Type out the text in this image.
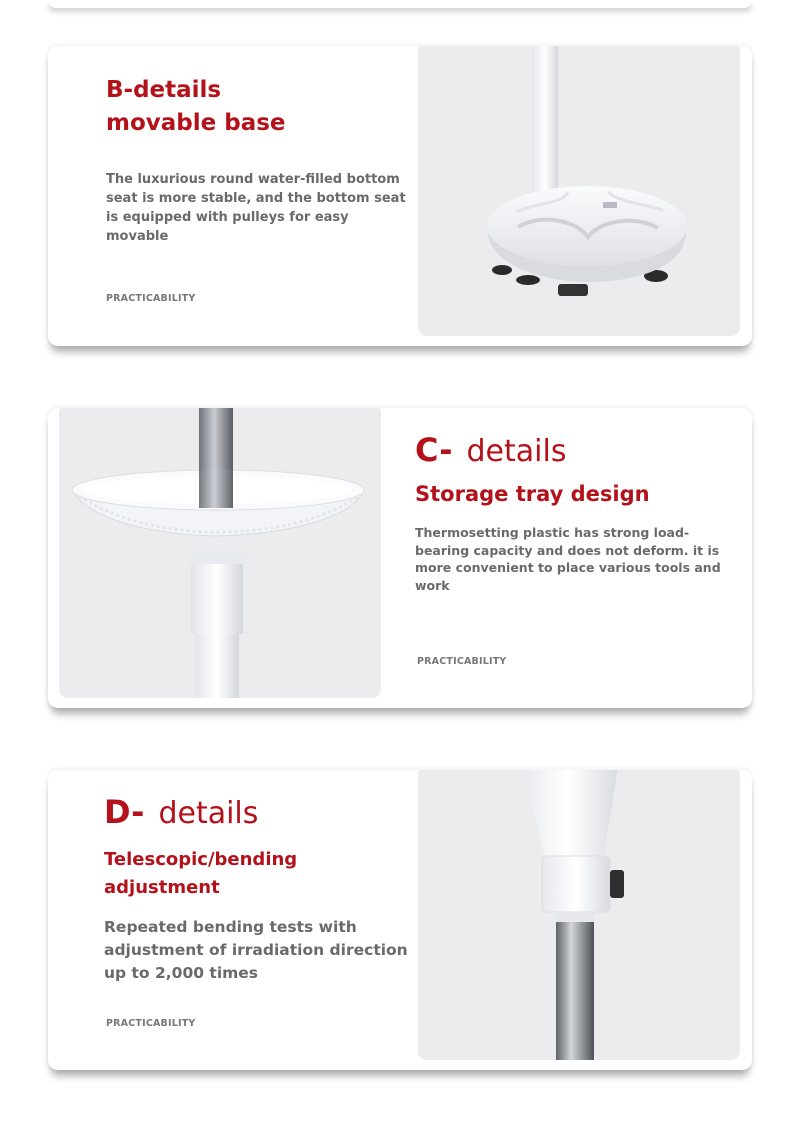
B-details

movable base

The luxurious round water-filled bottom seat is more stable, and the bottom seat is equipped with pulleys for easy movable

PRACTICABILITY

C- details

Storage tray design

Thermosetting plastic has strong load-bearing capacity and does not deform. it is more convenient to place various tools and work

PRACTICABILITY

D- details

Telescopic/bending adjustment

Repeated bending tests with adjustment of irradiation direction up to 2,000 times

PRACTICABILITY
